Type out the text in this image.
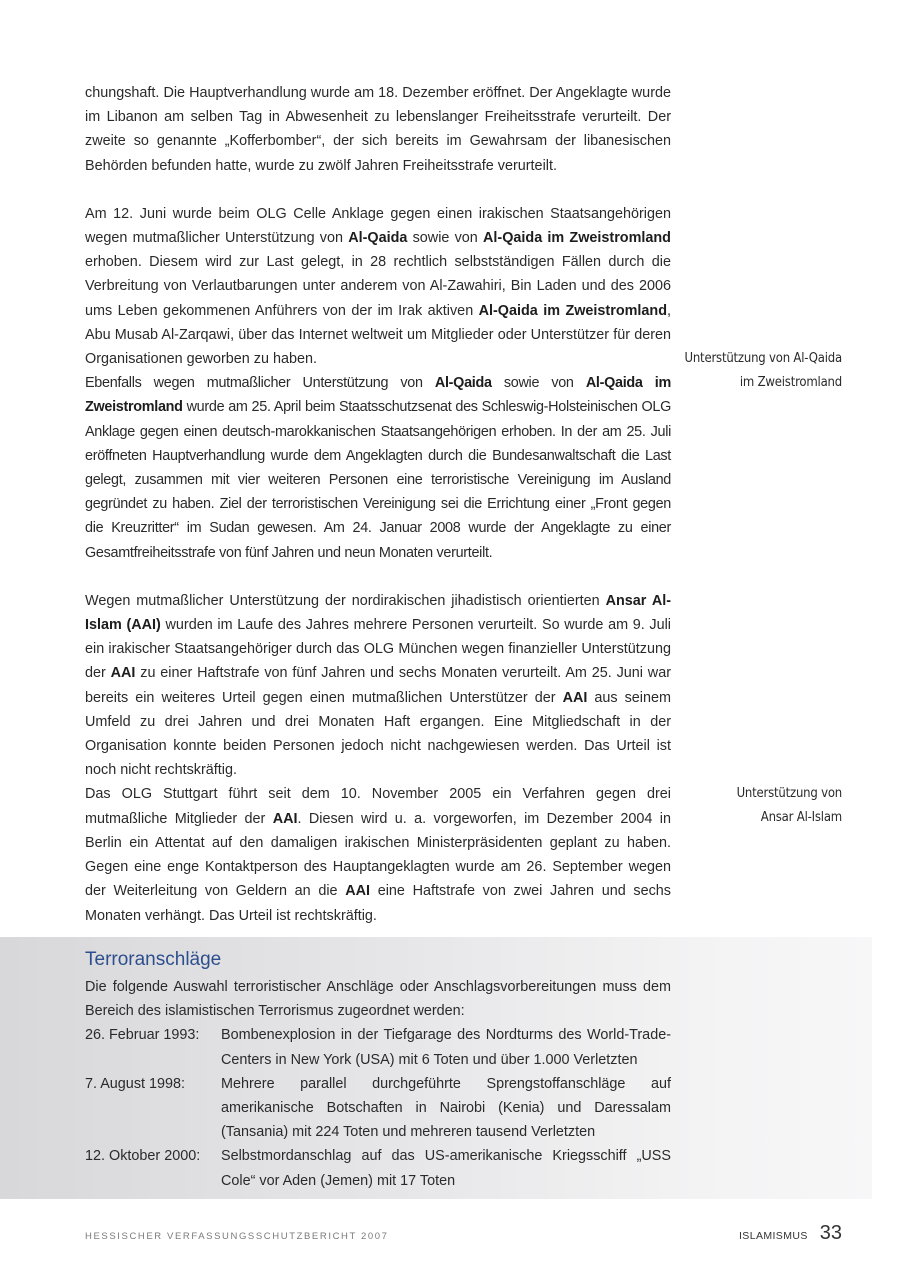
chungshaft. Die Hauptverhandlung wurde am 18. Dezember eröffnet. Der Angeklagte wurde im Libanon am selben Tag in Abwesenheit zu lebenslanger Freiheitsstrafe verurteilt. Der zweite so genannte „Kofferbomber“, der sich bereits im Gewahrsam der libanesischen Behörden befunden hatte, wurde zu zwölf Jahren Freiheitsstrafe verurteilt.

Am 12. Juni wurde beim OLG Celle Anklage gegen einen irakischen Staatsangehörigen wegen mutmaßlicher Unterstützung von Al-Qaida sowie von Al-Qaida im Zweistromland erhoben. Diesem wird zur Last gelegt, in 28 rechtlich selbstständigen Fällen durch die Verbreitung von Verlautbarungen unter anderem von Al-Zawahiri, Bin Laden und des 2006 ums Leben gekommenen Anführers von der im Irak aktiven Al-Qaida im Zweistromland, Abu Musab Al-Zarqawi, über das Internet weltweit um Mitglieder oder Unterstützer für deren Organisationen geworben zu haben.

Ebenfalls wegen mutmaßlicher Unterstützung von Al-Qaida sowie von Al-Qaida im Zweistromland wurde am 25. April beim Staatsschutzsenat des Schleswig-Holsteinischen OLG Anklage gegen einen deutsch-marokkanischen Staatsangehörigen erhoben. In der am 25. Juli eröffneten Hauptverhandlung wurde dem Angeklagten durch die Bundesanwaltschaft die Last gelegt, zusammen mit vier weiteren Personen eine terroristische Vereinigung im Ausland gegründet zu haben. Ziel der terroristischen Vereinigung sei die Errichtung einer „Front gegen die Kreuzritter“ im Sudan gewesen. Am 24. Januar 2008 wurde der Angeklagte zu einer Gesamtfreiheitsstrafe von fünf Jahren und neun Monaten verurteilt.

Wegen mutmaßlicher Unterstützung der nordirakischen jihadistisch orientierten Ansar Al-Islam (AAI) wurden im Laufe des Jahres mehrere Personen verurteilt. So wurde am 9. Juli ein irakischer Staatsangehöriger durch das OLG München wegen finanzieller Unterstützung der AAI zu einer Haftstrafe von fünf Jahren und sechs Monaten verurteilt. Am 25. Juni war bereits ein weiteres Urteil gegen einen mutmaßlichen Unterstützer der AAI aus seinem Umfeld zu drei Jahren und drei Monaten Haft ergangen. Eine Mitgliedschaft in der Organisation konnte beiden Personen jedoch nicht nachgewiesen werden. Das Urteil ist noch nicht rechtskräftig.

Das OLG Stuttgart führt seit dem 10. November 2005 ein Verfahren gegen drei mutmaßliche Mitglieder der AAI. Diesen wird u. a. vorgeworfen, im Dezember 2004 in Berlin ein Attentat auf den damaligen irakischen Ministerpräsidenten geplant zu haben. Gegen eine enge Kontaktperson des Hauptangeklagten wurde am 26. September wegen der Weiterleitung von Geldern an die AAI eine Haftstrafe von zwei Jahren und sechs Monaten verhängt. Das Urteil ist rechtskräftig.

Unterstützung von Al-Qaida
im Zweistromland
Unterstützung von
Ansar Al-Islam
Terroranschläge

Die folgende Auswahl terroristischer Anschläge oder Anschlagsvorbereitungen muss dem Bereich des islamistischen Terrorismus zugeordnet werden:

26. Februar 1993:	Bombenexplosion in der Tiefgarage des Nordturms des World-Trade-Centers in New York (USA) mit 6 Toten und über 1.000 Verletzten
7. August 1998:	Mehrere parallel durchgeführte Sprengstoffanschläge auf amerikanische Botschaften in Nairobi (Kenia) und Daressalam (Tansania) mit 224 Toten und mehreren tausend Verletzten
12. Oktober 2000:	Selbstmordanschlag auf das US-amerikanische Kriegsschiff „USS Cole“ vor Aden (Jemen) mit 17 Toten
HESSISCHER VERFASSUNGSSCHUTZBERICHT 2007	ISLAMISMUS 33
